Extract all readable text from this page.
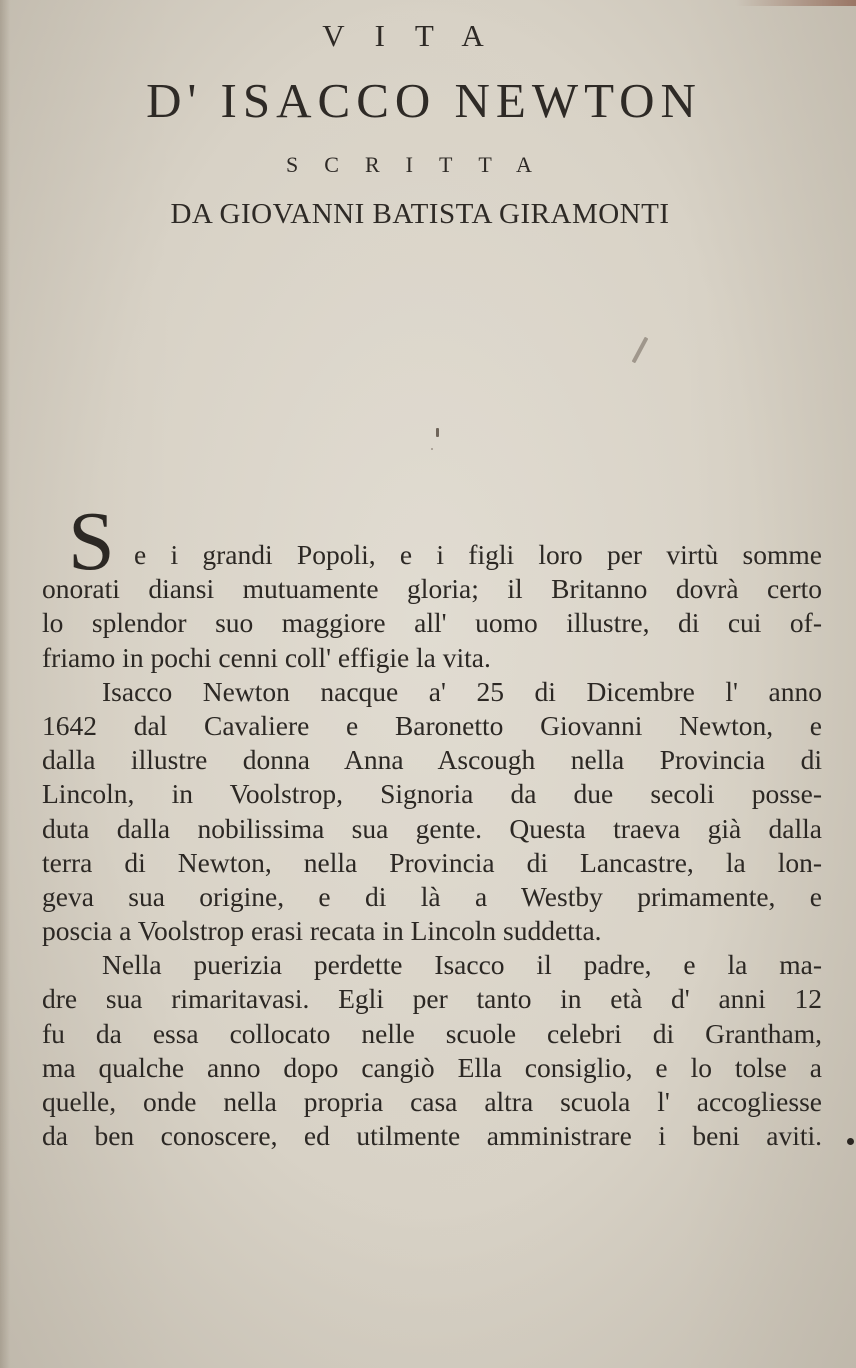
VITA
D' ISACCO NEWTON
SCRITTA
DA GIOVANNI BATISTA GIRAMONTI
S e i grandi Popoli, e i figli loro per virtù somme
onorati diansi mutuamente gloria; il Britanno dovrà certo
lo splendor suo maggiore all' uomo illustre, di cui of-
friamo in pochi cenni coll' effigie la vita.
Isacco Newton nacque a' 25 di Dicembre l' anno
1642 dal Cavaliere e Baronetto Giovanni Newton, e
dalla illustre donna Anna Ascough nella Provincia di
Lincoln, in Voolstrop, Signoria da due secoli posse-
duta dalla nobilissima sua gente. Questa traeva già dalla
terra di Newton, nella Provincia di Lancastre, la lon-
geva sua origine, e di là a Westby primamente, e
poscia a Voolstrop erasi recata in Lincoln suddetta.
Nella puerizia perdette Isacco il padre, e la ma-
dre sua rimaritavasi. Egli per tanto in età d' anni 12
fu da essa collocato nelle scuole celebri di Grantham,
ma qualche anno dopo cangiò Ella consiglio, e lo tolse a
quelle, onde nella propria casa altra scuola l' accogliesse
da ben conoscere, ed utilmente amministrare i beni aviti.
